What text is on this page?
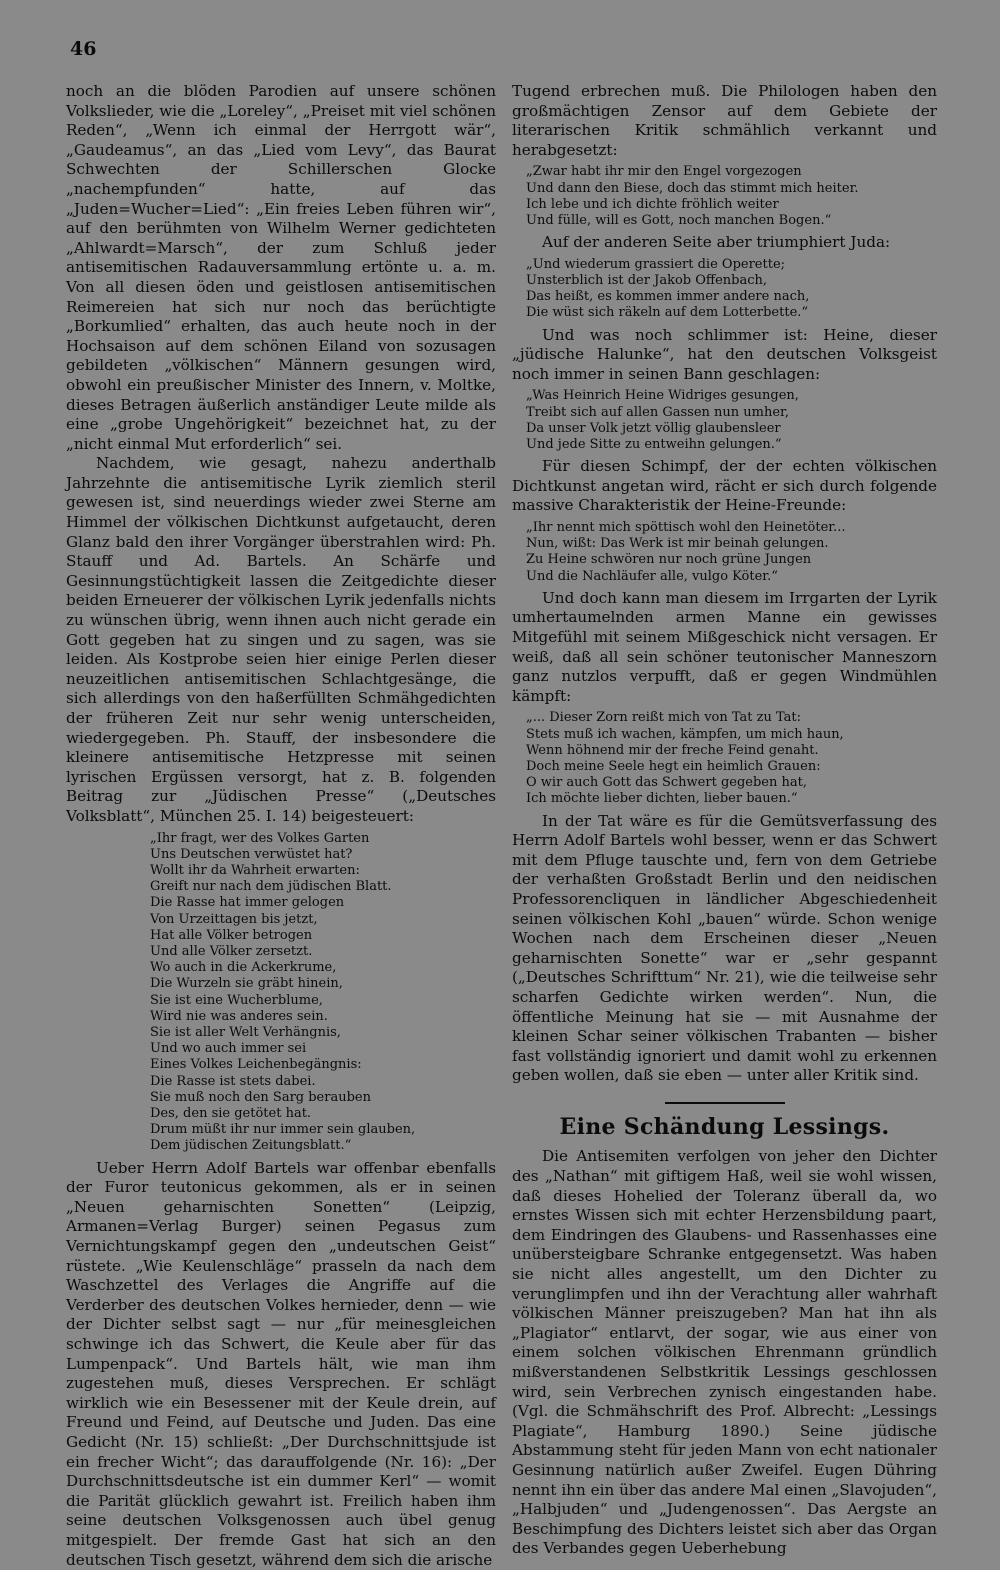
46

noch an die blöden Parodien auf unsere schönen Volkslieder, wie die „Loreley“, „Preiset mit viel schönen Reden“, „Wenn ich einmal der Herrgott wär“, „Gaudeamus“, an das „Lied vom Levy“, das Baurat Schwechten der Schillerschen Glocke „nachempfunden“ hatte, auf das „Juden=Wucher=Lied“: „Ein freies Leben führen wir“, auf den berühmten von Wilhelm Werner gedichteten „Ahlwardt=Marsch“, der zum Schluß jeder antisemitischen Radauversammlung ertönte u. a. m. Von all diesen öden und geistlosen antisemitischen Reimereien hat sich nur noch das berüchtigte „Borkumlied“ erhalten, das auch heute noch in der Hochsaison auf dem schönen Eiland von sozusagen gebildeten „völkischen“ Männern gesungen wird, obwohl ein preußischer Minister des Innern, v. Moltke, dieses Betragen äußerlich anständiger Leute milde als eine „grobe Ungehörigkeit“ bezeichnet hat, zu der „nicht einmal Mut erforderlich“ sei.

Nachdem, wie gesagt, nahezu anderthalb Jahrzehnte die antisemitische Lyrik ziemlich steril gewesen ist, sind neuerdings wieder zwei Sterne am Himmel der völkischen Dichtkunst aufgetaucht, deren Glanz bald den ihrer Vorgänger überstrahlen wird: Ph. Stauff und Ad. Bartels. An Schärfe und Gesinnungstüchtigkeit lassen die Zeitgedichte dieser beiden Erneuerer der völkischen Lyrik jedenfalls nichts zu wünschen übrig, wenn ihnen auch nicht gerade ein Gott gegeben hat zu singen und zu sagen, was sie leiden. Als Kostprobe seien hier einige Perlen dieser neuzeitlichen antisemitischen Schlachtgesänge, die sich allerdings von den haßerfüllten Schmähgedichten der früheren Zeit nur sehr wenig unterscheiden, wiedergegeben. Ph. Stauff, der insbesondere die kleinere antisemitische Hetzpresse mit seinen lyrischen Ergüssen versorgt, hat z. B. folgenden Beitrag zur „Jüdischen Presse“ („Deutsches Volksblatt“, München 25. I. 14) beigesteuert:

„Ihr fragt, wer des Volkes Garten
Uns Deutschen verwüstet hat?
Wollt ihr da Wahrheit erwarten:
Greift nur nach dem jüdischen Blatt.
Die Rasse hat immer gelogen
Von Urzeittagen bis jetzt,
Hat alle Völker betrogen
Und alle Völker zersetzt.
Wo auch in die Ackerkrume,
Die Wurzeln sie gräbt hinein,
Sie ist eine Wucherblume,
Wird nie was anderes sein.
Sie ist aller Welt Verhängnis,
Und wo auch immer sei
Eines Volkes Leichenbegängnis:
Die Rasse ist stets dabei.
Sie muß noch den Sarg berauben
Des, den sie getötet hat.
Drum müßt ihr nur immer sein glauben,
Dem jüdischen Zeitungsblatt.“

Ueber Herrn Adolf Bartels war offenbar ebenfalls der Furor teutonicus gekommen, als er in seinen „Neuen geharnischten Sonetten“ (Leipzig, Armanen=Verlag Burger) seinen Pegasus zum Vernichtungskampf gegen den „undeutschen Geist“ rüstete. „Wie Keulenschläge“ prasseln da nach dem Waschzettel des Verlages die Angriffe auf die Verderber des deutschen Volkes hernieder, denn — wie der Dichter selbst sagt — nur „für meinesgleichen schwinge ich das Schwert, die Keule aber für das Lumpenpack“. Und Bartels hält, wie man ihm zugestehen muß, dieses Versprechen. Er schlägt wirklich wie ein Besessener mit der Keule drein, auf Freund und Feind, auf Deutsche und Juden. Das eine Gedicht (Nr. 15) schließt: „Der Durchschnittsjude ist ein frecher Wicht“; das darauffolgende (Nr. 16): „Der Durchschnittsdeutsche ist ein dummer Kerl“ — womit die Parität glücklich gewahrt ist. Freilich haben ihm seine deutschen Volksgenossen auch übel genug mitgespielt. Der fremde Gast hat sich an den deutschen Tisch gesetzt, während dem sich die arische

Tugend erbrechen muß. Die Philologen haben den großmächtigen Zensor auf dem Gebiete der literarischen Kritik schmählich verkannt und herabgesetzt:

„Zwar habt ihr mir den Engel vorgezogen
Und dann den Biese, doch das stimmt mich heiter.
Ich lebe und ich dichte fröhlich weiter
Und fülle, will es Gott, noch manchen Bogen.“

Auf der anderen Seite aber triumphiert Juda:

„Und wiederum grassiert die Operette;
Unsterblich ist der Jakob Offenbach,
Das heißt, es kommen immer andere nach,
Die wüst sich räkeln auf dem Lotterbette.“

Und was noch schlimmer ist: Heine, dieser „jüdische Halunke“, hat den deutschen Volksgeist noch immer in seinen Bann geschlagen:

„Was Heinrich Heine Widriges gesungen,
Treibt sich auf allen Gassen nun umher,
Da unser Volk jetzt völlig glaubensleer
Und jede Sitte zu entweihn gelungen.“

Für diesen Schimpf, der der echten völkischen Dichtkunst angetan wird, rächt er sich durch folgende massive Charakteristik der Heine-Freunde:

„Ihr nennt mich spöttisch wohl den Heinetöter...
Nun, wißt: Das Werk ist mir beinah gelungen.
Zu Heine schwören nur noch grüne Jungen
Und die Nachläufer alle, vulgo Köter.“

Und doch kann man diesem im Irrgarten der Lyrik umhertaumelnden armen Manne ein gewisses Mitgefühl mit seinem Mißgeschick nicht versagen. Er weiß, daß all sein schöner teutonischer Manneszorn ganz nutzlos verpufft, daß er gegen Windmühlen kämpft:

„... Dieser Zorn reißt mich von Tat zu Tat:
Stets muß ich wachen, kämpfen, um mich haun,
Wenn höhnend mir der freche Feind genaht.
Doch meine Seele hegt ein heimlich Grauen:
O wir auch Gott das Schwert gegeben hat,
Ich möchte lieber dichten, lieber bauen.“

In der Tat wäre es für die Gemütsverfassung des Herrn Adolf Bartels wohl besser, wenn er das Schwert mit dem Pfluge tauschte und, fern von dem Getriebe der verhaßten Großstadt Berlin und den neidischen Professorencliquen in ländlicher Abgeschiedenheit seinen völkischen Kohl „bauen“ würde. Schon wenige Wochen nach dem Erscheinen dieser „Neuen geharnischten Sonette“ war er „sehr gespannt („Deutsches Schrifttum“ Nr. 21), wie die teilweise sehr scharfen Gedichte wirken werden“. Nun, die öffentliche Meinung hat sie — mit Ausnahme der kleinen Schar seiner völkischen Trabanten — bisher fast vollständig ignoriert und damit wohl zu erkennen geben wollen, daß sie eben — unter aller Kritik sind.

Eine Schändung Lessings.

Die Antisemiten verfolgen von jeher den Dichter des „Nathan“ mit giftigem Haß, weil sie wohl wissen, daß dieses Hohelied der Toleranz überall da, wo ernstes Wissen sich mit echter Herzensbildung paart, dem Eindringen des Glaubens- und Rassenhasses eine unübersteigbare Schranke entgegensetzt. Was haben sie nicht alles angestellt, um den Dichter zu verunglimpfen und ihn der Verachtung aller wahrhaft völkischen Männer preiszugeben? Man hat ihn als „Plagiator“ entlarvt, der sogar, wie aus einer von einem solchen völkischen Ehrenmann gründlich mißverstandenen Selbstkritik Lessings geschlossen wird, sein Verbrechen zynisch eingestanden habe. (Vgl. die Schmähschrift des Prof. Albrecht: „Lessings Plagiate“, Hamburg 1890.) Seine jüdische Abstammung steht für jeden Mann von echt nationaler Gesinnung natürlich außer Zweifel. Eugen Dühring nennt ihn ein über das andere Mal einen „Slavojuden“, „Halbjuden“ und „Judengenossen“. Das Aergste an Beschimpfung des Dichters leistet sich aber das Organ des Verbandes gegen Ueberhebung
